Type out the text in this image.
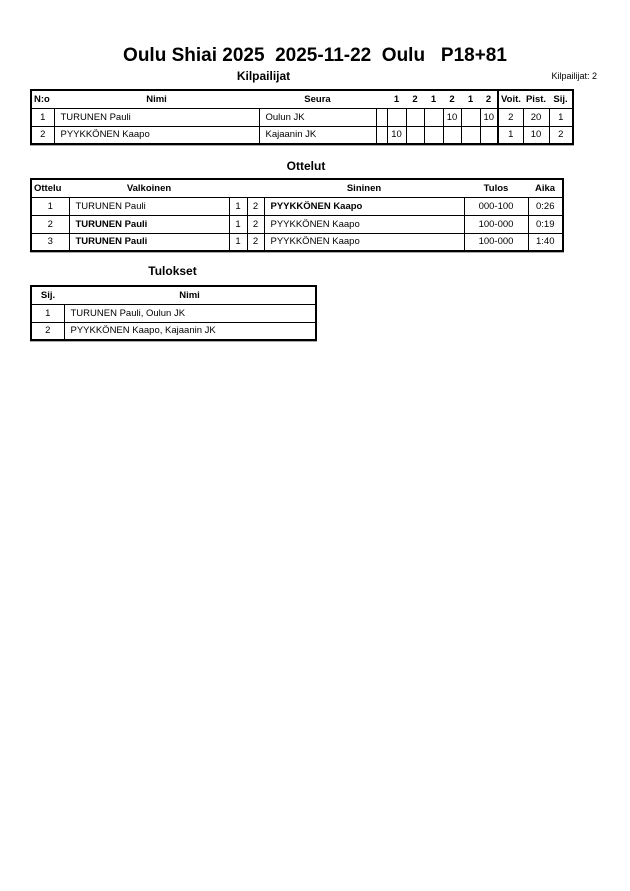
Oulu Shiai 2025  2025-11-22  Oulu   P18+81
Kilpailijat	Kilpailijat: 2
N:o	Nimi	Seura		1	2	1	2	1	2	Voit.	Pist.	Sij.
1	TURUNEN Pauli	Oulun JK					10		10	2	20	1
2	PYYKKÖNEN Kaapo	Kajaanin JK		10						1	10	2
Ottelut
Ottelu	Valkoinen			Sininen	Tulos	Aika
1	TURUNEN Pauli	1	2	PYYKKÖNEN Kaapo	000-100	0:26
2	TURUNEN Pauli	1	2	PYYKKÖNEN Kaapo	100-000	0:19
3	TURUNEN Pauli	1	2	PYYKKÖNEN Kaapo	100-000	1:40
Tulokset
Sij.	Nimi
1	TURUNEN Pauli, Oulun JK
2	PYYKKÖNEN Kaapo, Kajaanin JK
